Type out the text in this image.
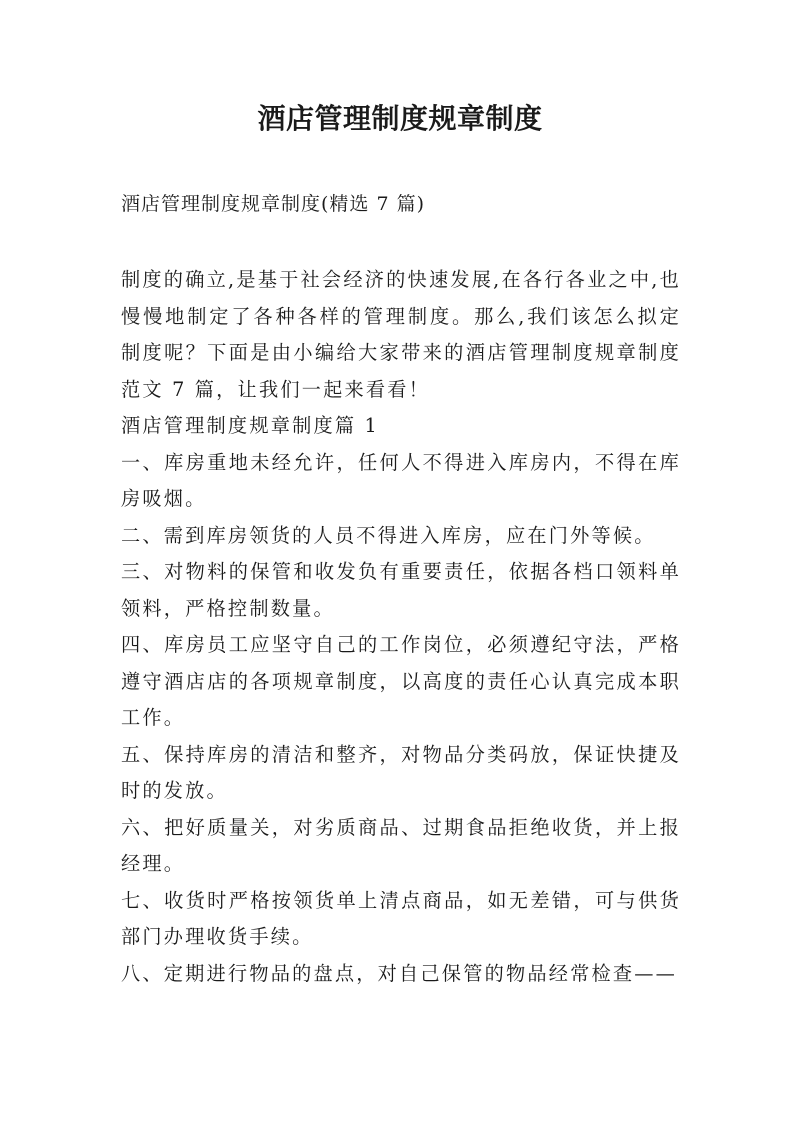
酒店管理制度规章制度
酒店管理制度规章制度(精选 7 篇)

制度的确立,是基于社会经济的快速发展,在各行各业之中,也慢慢地制定了各种各样的管理制度。那么,我们该怎么拟定制度呢？下面是由小编给大家带来的酒店管理制度规章制度范文 7 篇，让我们一起来看看！

酒店管理制度规章制度篇 1

一、库房重地未经允许，任何人不得进入库房内，不得在库房吸烟。

二、需到库房领货的人员不得进入库房，应在门外等候。

三、对物料的保管和收发负有重要责任，依据各档口领料单领料，严格控制数量。

四、库房员工应坚守自己的工作岗位，必须遵纪守法，严格遵守酒店店的各项规章制度，以高度的责任心认真完成本职工作。

五、保持库房的清洁和整齐，对物品分类码放，保证快捷及时的发放。

六、把好质量关，对劣质商品、过期食品拒绝收货，并上报经理。

七、收货时严格按领货单上清点商品，如无差错，可与供货部门办理收货手续。

八、定期进行物品的盘点，对自己保管的物品经常检查——
